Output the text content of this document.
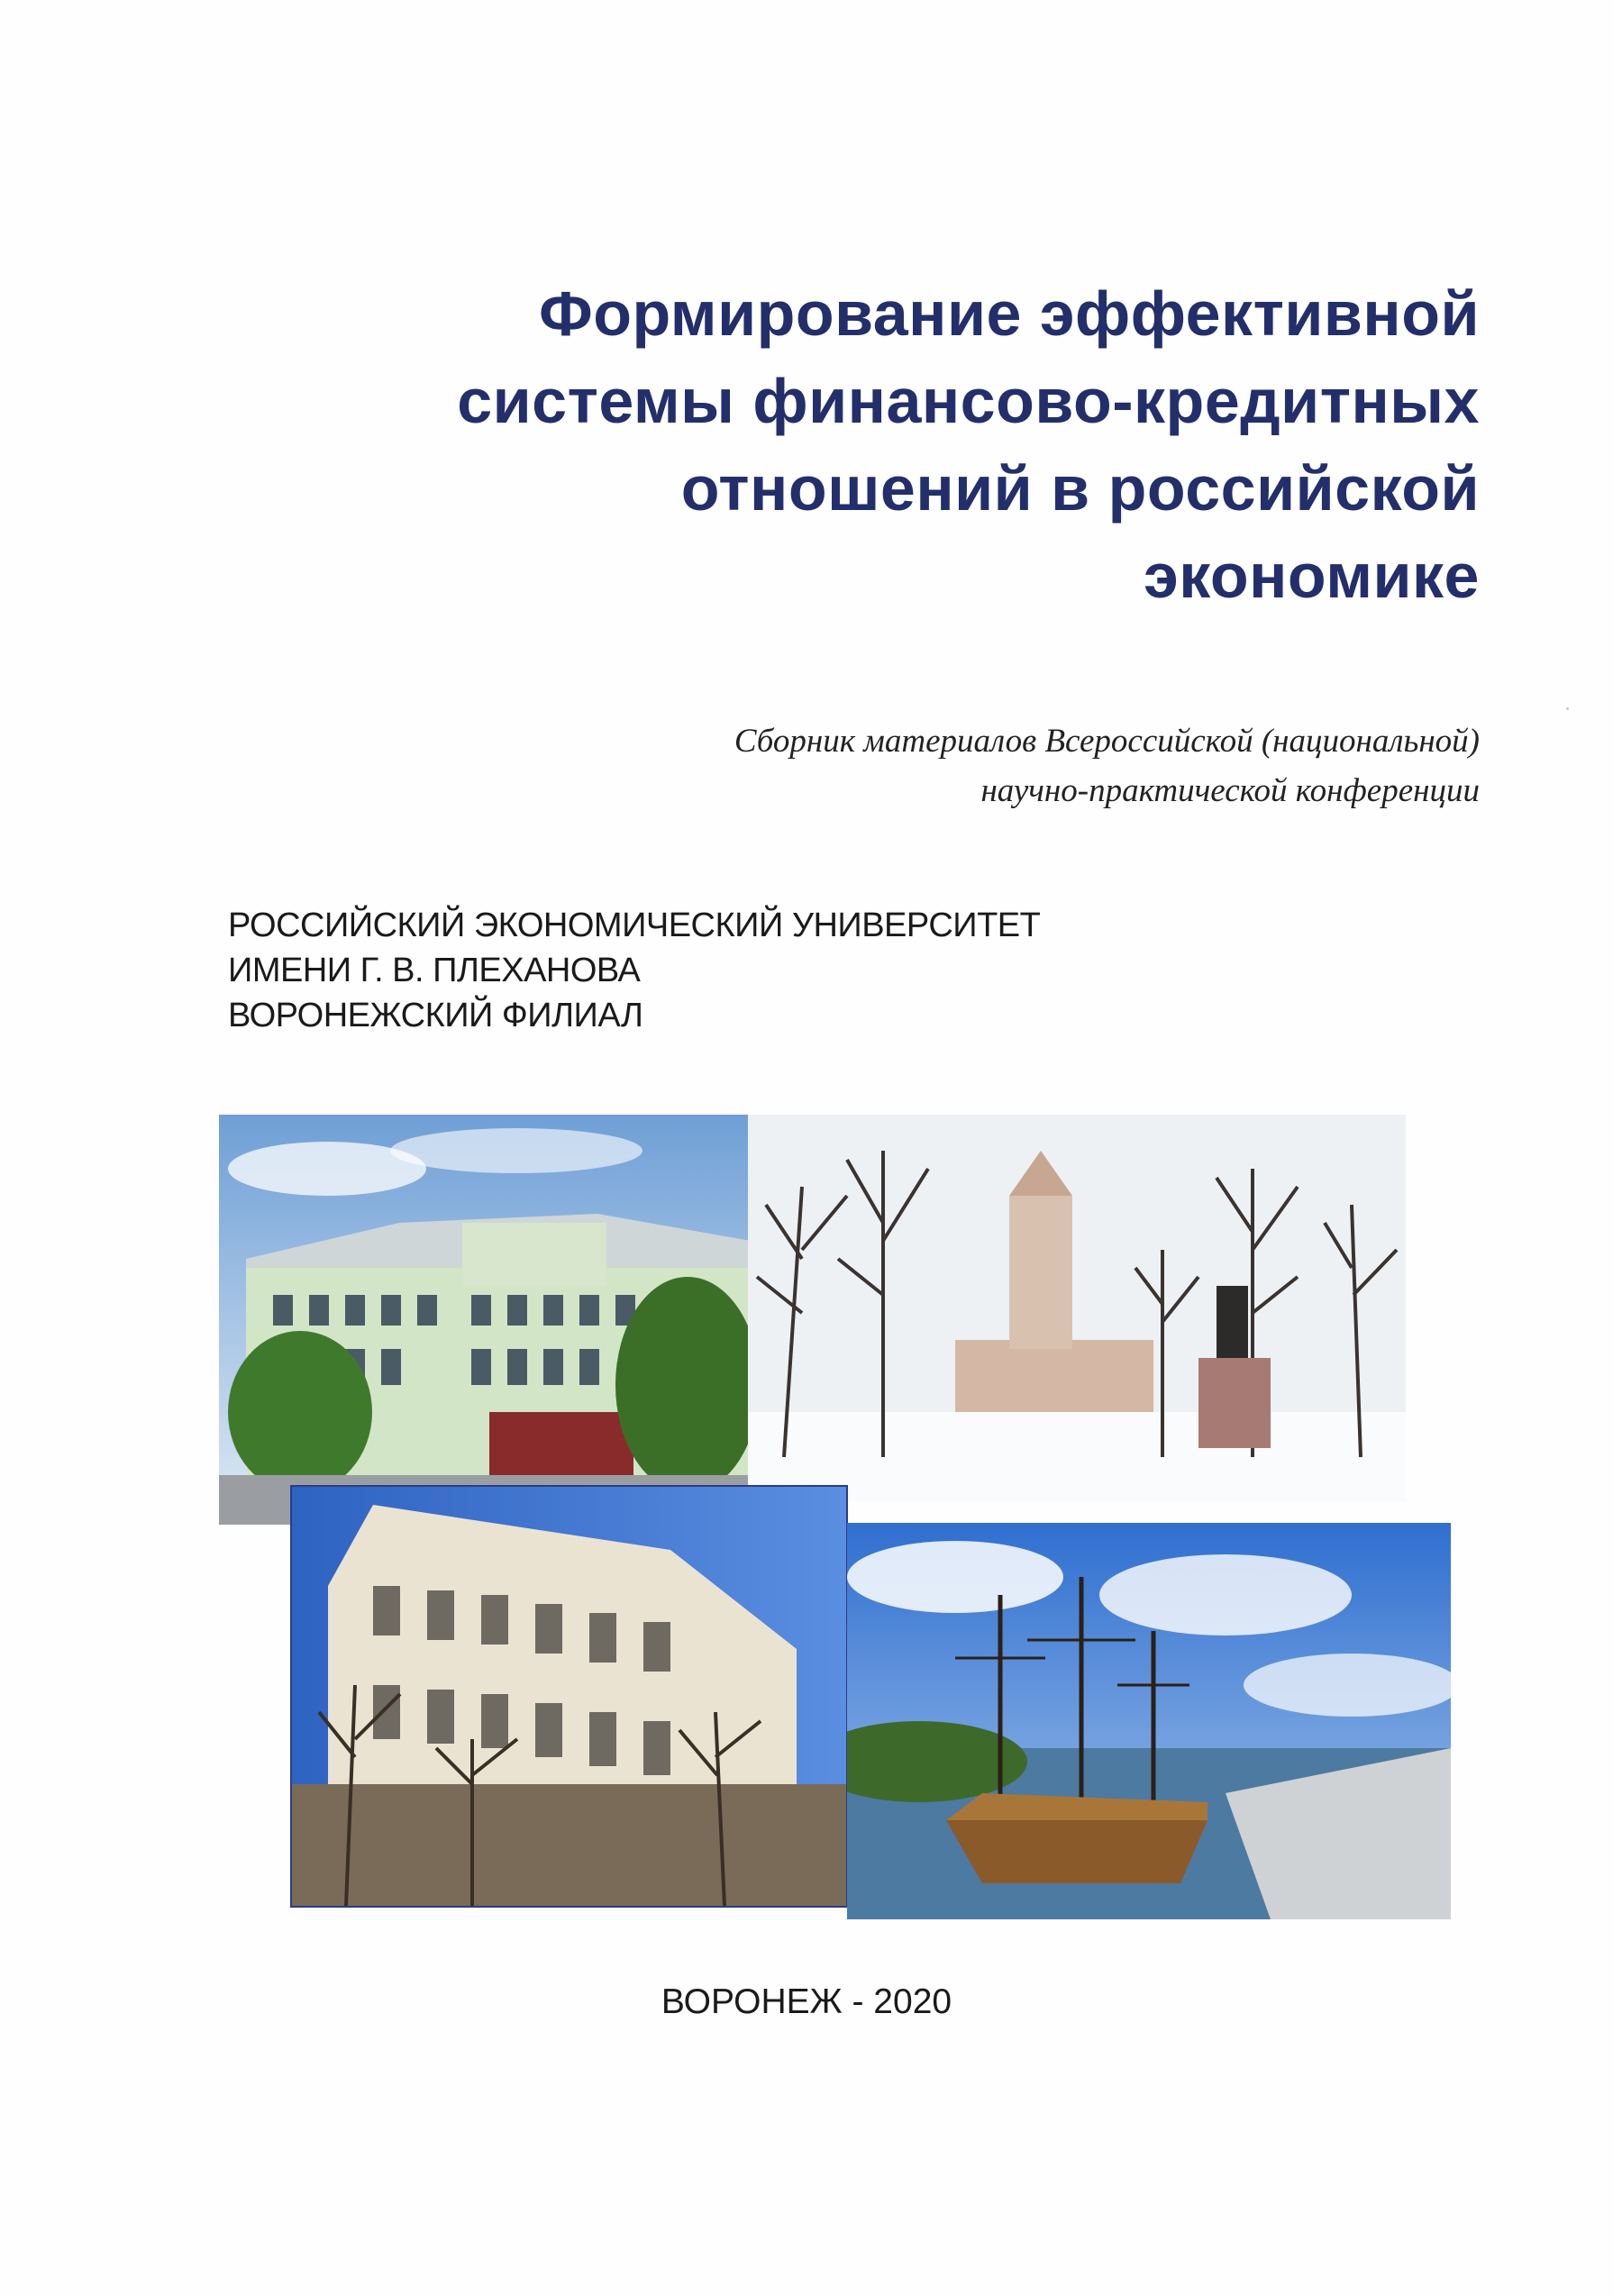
Формирование эффективной
системы финансово-кредитных
отношений в российской
экономике
Сборник материалов Всероссийской (национальной)
научно-практической конференции
РОССИЙСКИЙ ЭКОНОМИЧЕСКИЙ УНИВЕРСИТЕТ
ИМЕНИ Г. В. ПЛЕХАНОВА
ВОРОНЕЖСКИЙ ФИЛИАЛ
ВОРОНЕЖ - 2020
